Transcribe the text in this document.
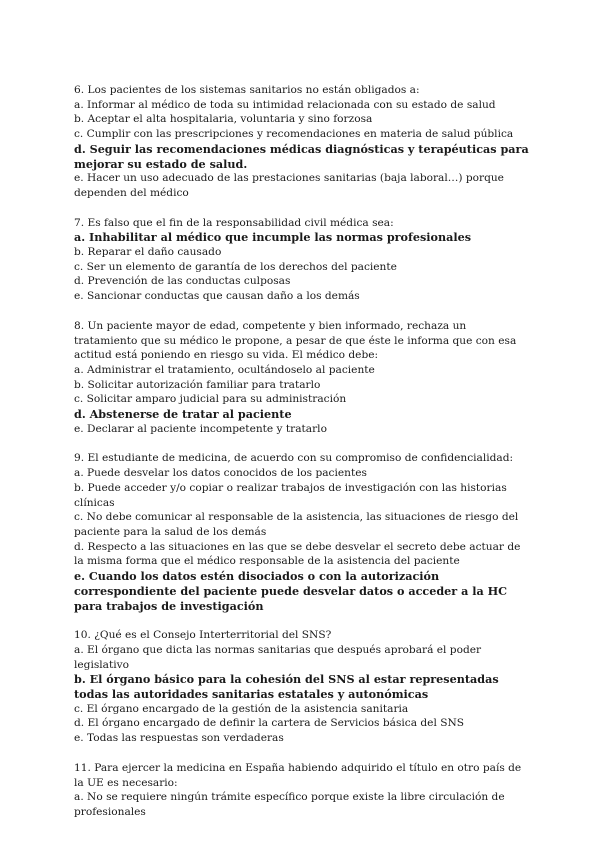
6. Los pacientes de los sistemas sanitarios no están obligados a:
a. Informar al médico de toda su intimidad relacionada con su estado de salud
b. Aceptar el alta hospitalaria, voluntaria y sino forzosa
c. Cumplir con las prescripciones y recomendaciones en materia de salud pública
d. Seguir las recomendaciones médicas diagnósticas y terapéuticas para mejorar su estado de salud.
e. Hacer un uso adecuado de las prestaciones sanitarias (baja laboral…) porque dependen del médico
7. Es falso que el fin de la responsabilidad civil médica sea:
a. Inhabilitar al médico que incumple las normas profesionales
b. Reparar el daño causado
c. Ser un elemento de garantía de los derechos del paciente
d. Prevención de las conductas culposas
e. Sancionar conductas que causan daño a los demás
8. Un paciente mayor de edad, competente y bien informado, rechaza un tratamiento que su médico le propone, a pesar de que éste le informa que con esa actitud está poniendo en riesgo su vida. El médico debe:
a. Administrar el tratamiento, ocultándoselo al paciente
b. Solicitar autorización familiar para tratarlo
c. Solicitar amparo judicial para su administración
d. Abstenerse de tratar al paciente
e. Declarar al paciente incompetente y tratarlo
9. El estudiante de medicina, de acuerdo con su compromiso de confidencialidad:
a. Puede desvelar los datos conocidos de los pacientes
b. Puede acceder y/o copiar o realizar trabajos de investigación con las historias clínicas
c. No debe comunicar al responsable de la asistencia, las situaciones de riesgo del paciente para la salud de los demás
d. Respecto a las situaciones en las que se debe desvelar el secreto debe actuar de la misma forma que el médico responsable de la asistencia del paciente
e. Cuando los datos estén disociados o con la autorización correspondiente del paciente puede desvelar datos o acceder a la HC para trabajos de investigación
10. ¿Qué es el Consejo Interterritorial del SNS?
a. El órgano que dicta las normas sanitarias que después aprobará el poder legislativo
b. El órgano básico para la cohesión del SNS al estar representadas todas las autoridades sanitarias estatales y autonómicas
c. El órgano encargado de la gestión de la asistencia sanitaria
d. El órgano encargado de definir la cartera de Servicios básica del SNS
e. Todas las respuestas son verdaderas
11. Para ejercer la medicina en España habiendo adquirido el título en otro país de la UE es necesario:
a. No se requiere ningún trámite específico porque existe la libre circulación de profesionales
